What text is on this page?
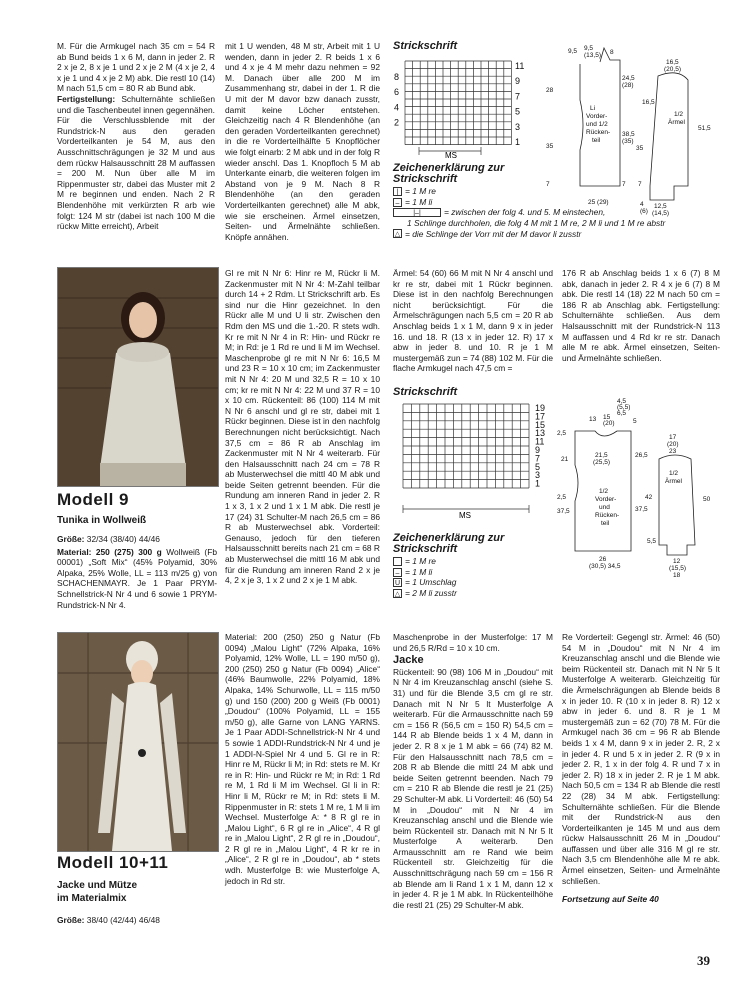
M. Für die Armkugel nach 35 cm = 54 R ab Bund beids 1 x 6 M, dann in jeder 2. R 2 x je 2, 8 x je 1 und 2 x je 2 M (4 x je 2, 4 x je 1 und 4 x je 2 M) abk. Die restl 10 (14) M nach 51,5 cm = 80 R ab Bund abk.

Fertigstellung: Schulternähte schließen und die Taschenbeutel innen gegennähen. Für die Verschlussblende mit der Rundstrick-N aus den geraden Vorderteilkanten je 54 M, aus den Ausschnittschrägungen je 32 M und aus dem rückw Halsausschnitt 28 M auffassen = 200 M. Nun über alle M im Rippenmuster str, dabei das Muster mit 2 M re beginnen und enden. Nach 2 R Blendenhöhe mit verkürzten R arb wie folgt: 124 M str (dabei ist nach 100 M die rückw Mitte erreicht), Arbeit

mit 1 U wenden, 48 M str, Arbeit mit 1 U wenden, dann in jeder 2. R beids 1 x 6 und 4 x je 4 M mehr dazu nehmen = 92 M. Danach über alle 200 M im Zusammenhang str, dabei in der 1. R die U mit der M davor bzw danach zusstr, damit keine Löcher entstehen. Gleichzeitig nach 4 R Blendenhöhe (an den geraden Vorderteilkanten gerechnet) in die re Vorderteilhälfte 5 Knopflöcher wie folgt einarb: 2 M abk und in der folg R wieder anschl. Das 1. Knopfloch 5 M ab Unterkante einarb, die weiteren folgen im Abstand von je 9 M. Nach 8 R Blendenhöhe (an den geraden Vorderteilkanten gerechnet) alle M abk, wie sie erscheinen. Ärmel einsetzen, Seiten- und Ärmelnähte schließen. Knöpfe annähen.

Strickschrift
11
9
7
5
3
1
8
6
4
2
MS
9,5 9,5
(13,5) 8
24,5
(28)
28
Li
Vorder-
und 1/2
Rücken-
teil
38,5
(35)
35
7	7
25 (29)
16,5
(20,5)
16,5
1/2
Ärmel
51,5
35
7
12,5
(14,5)
4
(6)
Zeichenerklärung zur Strickschrift
| = 1 M re
– = 1 M li
|–|	= zwischen der folg 4. und 5. M einstechen,
1 Schlinge durchholen, die folg 4 M mit 1 M re, 2 M li und 1 M re abstr
△ = die Schlinge der Vorr mit der M davor li zusstr
Modell 9
Tunika in Wollweiß

Größe: 32/34 (38/40) 44/46

Material: 250 (275) 300 g Wollweiß (Fb 00001) „Soft Mix“ (45% Polyamid, 30% Alpaka, 25% Wolle, LL = 113 m/25 g) von SCHACHENMAYR. Je 1 Paar PRYM-Schnellstrick-N Nr 4 und 6 sowie 1 PRYM-Rundstrick-N Nr 4.

Gl re mit N Nr 6: Hinr re M, Rückr li M. Zackenmuster mit N Nr 4: M-Zahl teilbar durch 14 + 2 Rdm. Lt Strickschrift arb. Es sind nur die Hinr gezeichnet. In den Rückr alle M und U li str. Zwischen den Rdm den MS und die 1.-20. R stets wdh. Kr re mit N Nr 4 in R: Hin- und Rückr re M; in Rd: je 1 Rd re und li M im Wechsel. Maschenprobe gl re mit N Nr 6: 16,5 M und 23 R = 10 x 10 cm; im Zackenmuster mit N Nr 4: 20 M und 32,5 R = 10 x 10 cm; kr re mit N Nr 4: 22 M und 37 R = 10 x 10 cm. Rückenteil: 86 (100) 114 M mit N Nr 6 anschl und gl re str, dabei mit 1 Rückr beginnen. Diese ist in den nachfolg Berechnungen nicht berücksichtigt. Nach 37,5 cm = 86 R ab Anschlag im Zackenmuster mit N Nr 4 weiterarb. Für den Halsausschnitt nach 24 cm = 78 R ab Musterwechsel die mittl 40 M abk und beide Seiten getrennt beenden. Für die Rundung am inneren Rand in jeder 2. R 1 x 3, 1 x 2 und 1 x 1 M abk. Die restl je 17 (24) 31 Schulter-M nach 26,5 cm = 86 R ab Musterwechsel abk. Vorderteil: Genauso, jedoch für den tieferen Halsausschnitt bereits nach 21 cm = 68 R ab Musterwechsel die mittl 16 M abk und für die Rundung am inneren Rand 2 x je 4, 2 x je 3, 1 x 2 und 2 x je 1 M abk.

Ärmel: 54 (60) 66 M mit N Nr 4 anschl und kr re str, dabei mit 1 Rückr beginnen. Diese ist in den nachfolg Berechnungen nicht berücksichtigt. Für die Ärmelschrägungen nach 5,5 cm = 20 R ab Anschlag beids 1 x 1 M, dann 9 x in jeder 16. und 18. R (13 x in jeder 12. R) 17 x abw in jeder 8. und 10. R je 1 M mustergemäß zun = 74 (88) 102 M. Für die flache Armkugel nach 47,5 cm =

176 R ab Anschlag beids 1 x 6 (7) 8 M abk, danach in jeder 2. R 4 x je 6 (7) 8 M abk. Die restl 14 (18) 22 M nach 50 cm = 186 R ab Anschlag abk. Fertigstellung: Schulternähte schließen. Aus dem Halsausschnitt mit der Rundstrick-N 113 M auffassen und 4 Rd kr re str. Danach alle M re abk. Ärmel einsetzen, Seiten- und Ärmelnähte schließen.

Strickschrift
19
17
15
13
11
9
7
5
3
1
MS
Zeichenerklärung zur Strickschrift
= 1 M re
– = 1 M li
U = 1 Umschlag
△ = 2 M li zusstr
4,5
(5,5)
6,5
13 15
(20)	5
2,5
21
21,5
(25,5)
26,5
2,5
37,5
1/2
Vorder-
und
Rücken-
teil
37,5
26
(30,5) 34,5
17
(20)
23
1/2
Ärmel
42	50
5,5
12
(15,5)
18
Modell 10+11
Jacke und Mütze
im Materialmix
Größe: 38/40 (42/44) 46/48

Material: 200 (250) 250 g Natur (Fb 0094) „Malou Light“ (72% Alpaka, 16% Polyamid, 12% Wolle, LL = 190 m/50 g), 200 (250) 250 g Natur (Fb 0094) „Alice“ (46% Baumwolle, 22% Polyamid, 18% Alpaka, 14% Schurwolle, LL = 115 m/50 g) und 150 (200) 200 g Weiß (Fb 0001) „Doudou“ (100% Polyamid, LL = 155 m/50 g), alle Garne von LANG YARNS. Je 1 Paar ADDI-Schnellstrick-N Nr 4 und 5 sowie 1 ADDI-Rundstrick-N Nr 4 und je 1 ADDI-N-Spiel Nr 4 und 5. Gl re in R: Hinr re M, Rückr li M; in Rd: stets re M. Kr re in R: Hin- und Rückr re M; in Rd: 1 Rd re M, 1 Rd li M im Wechsel. Gl li in R: Hinr li M, Rückr re M; in Rd: stets li M. Rippenmuster in R: stets 1 M re, 1 M li im Wechsel. Musterfolge A: * 8 R gl re in „Malou Light“, 6 R gl re in „Alice“, 4 R gl re in „Malou Light“, 2 R gl re in „Doudou“, 2 R gl re in „Malou Light“, 4 R kr re in „Alice“, 2 R gl re in „Doudou“, ab * stets wdh. Musterfolge B: wie Musterfolge A, jedoch in Rd str.

Maschenprobe in der Musterfolge: 17 M und 26,5 R/Rd = 10 x 10 cm.

Jacke

Rückenteil: 90 (98) 106 M in „Doudou“ mit N Nr 4 im Kreuzanschlag anschl (siehe S. 31) und für die Blende 3,5 cm gl re str. Danach mit N Nr 5 lt Musterfolge A weiterarb. Für die Armausschnitte nach 59 cm = 156 R (56,5 cm = 150 R) 54,5 cm = 144 R ab Blende beids 1 x 4 M, dann in jeder 2. R 8 x je 1 M abk = 66 (74) 82 M. Für den Halsausschnitt nach 78,5 cm = 208 R ab Blende die mittl 24 M abk und beide Seiten getrennt beenden. Nach 79 cm = 210 R ab Blende die restl je 21 (25) 29 Schulter-M abk. Li Vorderteil: 46 (50) 54 M in „Doudou“ mit N Nr 4 im Kreuzanschlag anschl und die Blende wie beim Rückenteil str. Danach mit N Nr 5 lt Musterfolge A weiterarb. Den Armausschnitt am re Rand wie beim Rückenteil str. Gleichzeitig für die Ausschnittschrägung nach 59 cm = 156 R ab Blende am li Rand 1 x 1 M, dann 12 x in jeder 4. R je 1 M abk. In Rückenteilhöhe die restl 21 (25) 29 Schulter-M abk.

Re Vorderteil: Gegengl str. Ärmel: 46 (50) 54 M in „Doudou“ mit N Nr 4 im Kreuzanschlag anschl und die Blende wie beim Rückenteil str. Danach mit N Nr 5 lt Musterfolge A weiterarb. Gleichzeitig für die Ärmelschrägungen ab Blende beids 8 x in jeder 10. R (10 x in jeder 8. R) 12 x abw in jeder 6. und 8. R je 1 M mustergemäß zun = 62 (70) 78 M. Für die Armkugel nach 36 cm = 96 R ab Blende beids 1 x 4 M, dann 9 x in jeder 2. R, 2 x in jeder 4. R und 5 x in jeder 2. R (9 x in jeder 2. R, 1 x in der folg 4. R und 7 x in jeder 2. R) 18 x in jeder 2. R je 1 M abk. Nach 50,5 cm = 134 R ab Blende die restl 22 (28) 34 M abk. Fertigstellung: Schulternähte schließen. Für die Blende mit der Rundstrick-N aus den Vorderteilkanten je 145 M und aus dem rückw Halsausschnitt 26 M in „Doudou“ auffassen und über alle 316 M gl re str. Nach 3,5 cm Blendenhöhe alle M re abk. Ärmel einsetzen, Seiten- und Ärmelnähte schließen.

Fortsetzung auf Seite 40

39
